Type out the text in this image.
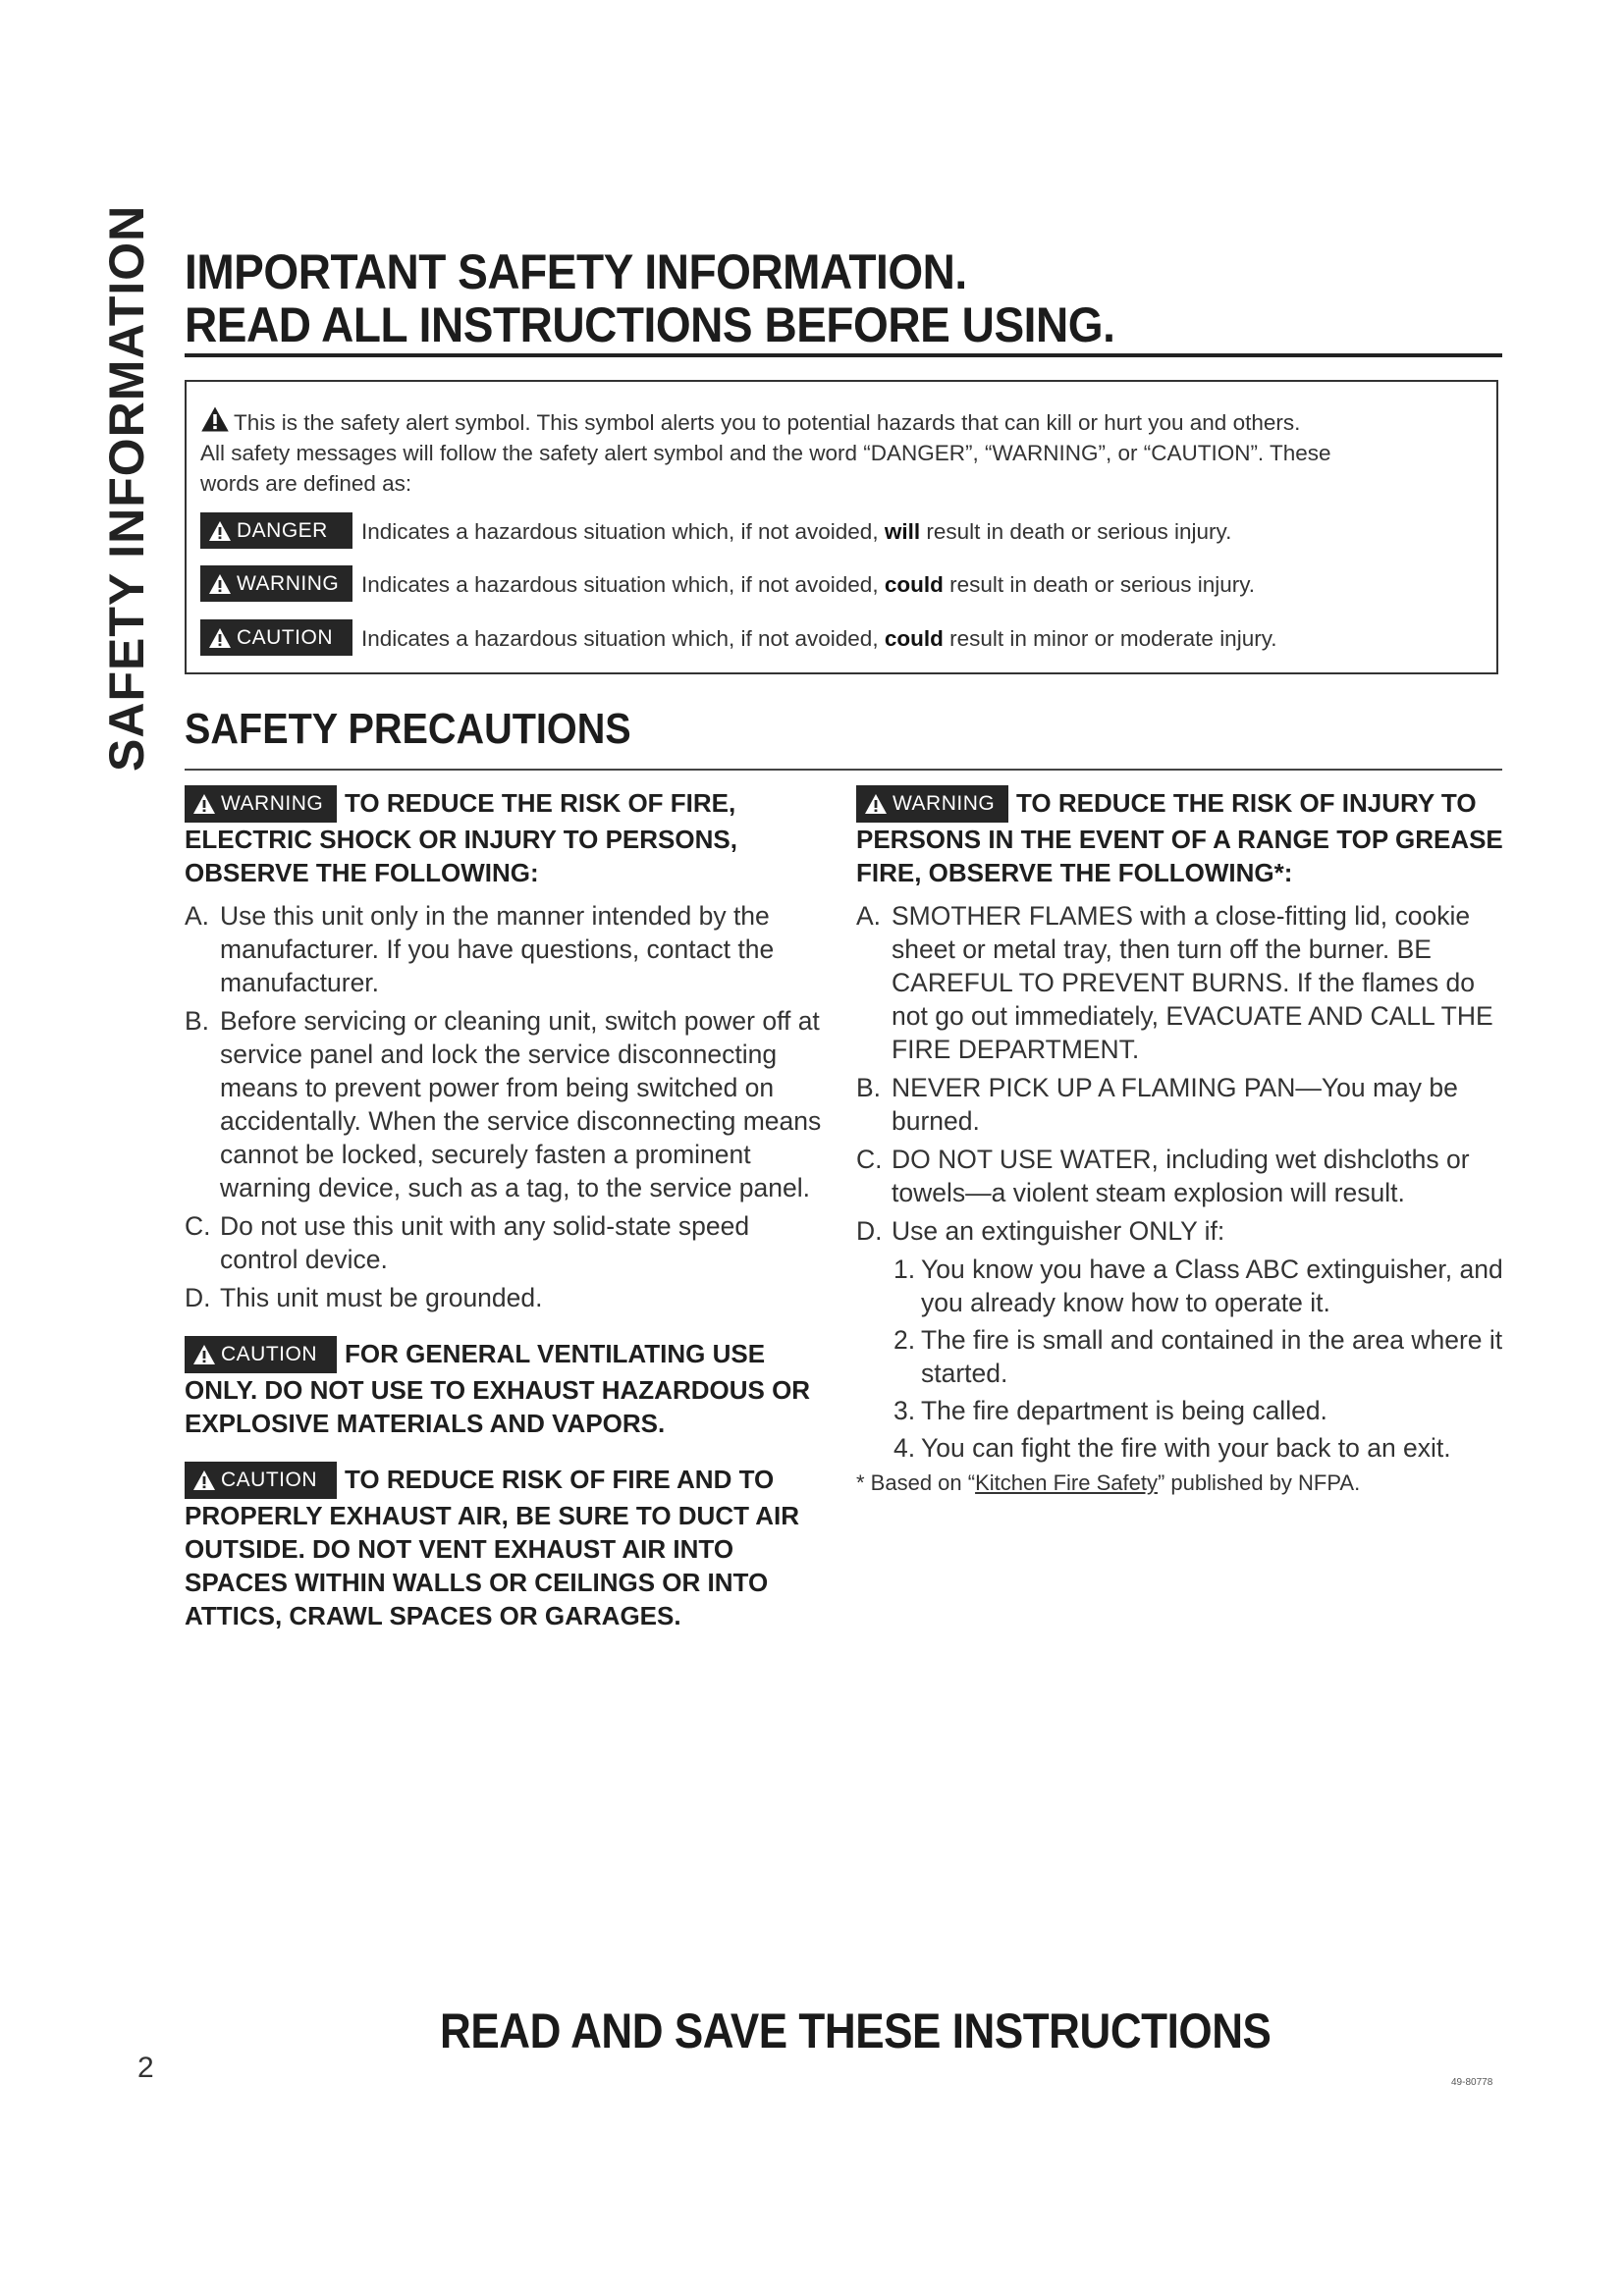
SAFETY INFORMATION IMPORTANT SAFETY INFORMATION.
READ ALL INSTRUCTIONS BEFORE USING.
This is the safety alert symbol. This symbol alerts you to potential hazards that can kill or hurt you and others.
All safety messages will follow the safety alert symbol and the word “DANGER”, “WARNING”, or “CAUTION”. These
words are defined as:
DANGER Indicates a hazardous situation which, if not avoided, will result in death or serious injury.
WARNING Indicates a hazardous situation which, if not avoided, could result in death or serious injury.
CAUTION Indicates a hazardous situation which, if not avoided, could result in minor or moderate injury.
SAFETY PRECAUTIONS
WARNING TO REDUCE THE RISK OF FIRE, ELECTRIC SHOCK OR INJURY TO PERSONS, OBSERVE THE FOLLOWING:
A. Use this unit only in the manner intended by the manufacturer. If you have questions, contact the manufacturer.
B. Before servicing or cleaning unit, switch power off at service panel and lock the service disconnecting means to prevent power from being switched on accidentally. When the service disconnecting means cannot be locked, securely fasten a prominent warning device, such as a tag, to the service panel.
C. Do not use this unit with any solid-state speed control device.
D. This unit must be grounded.
CAUTION FOR GENERAL VENTILATING USE ONLY. DO NOT USE TO EXHAUST HAZARDOUS OR EXPLOSIVE MATERIALS AND VAPORS.
CAUTION TO REDUCE RISK OF FIRE AND TO PROPERLY EXHAUST AIR, BE SURE TO DUCT AIR OUTSIDE. DO NOT VENT EXHAUST AIR INTO SPACES WITHIN WALLS OR CEILINGS OR INTO ATTICS, CRAWL SPACES OR GARAGES.
WARNING TO REDUCE THE RISK OF INJURY TO PERSONS IN THE EVENT OF A RANGE TOP GREASE FIRE, OBSERVE THE FOLLOWING*:
A. SMOTHER FLAMES with a close-fitting lid, cookie sheet or metal tray, then turn off the burner. BE CAREFUL TO PREVENT BURNS. If the flames do not go out immediately, EVACUATE AND CALL THE FIRE DEPARTMENT.
B. NEVER PICK UP A FLAMING PAN—You may be burned.
C. DO NOT USE WATER, including wet dishcloths or towels—a violent steam explosion will result.
D. Use an extinguisher ONLY if:
1. You know you have a Class ABC extinguisher, and you already know how to operate it.
2. The fire is small and contained in the area where it started.
3. The fire department is being called.
4. You can fight the fire with your back to an exit.
* Based on “Kitchen Fire Safety” published by NFPA.
READ AND SAVE THESE INSTRUCTIONS
2	49-80778
